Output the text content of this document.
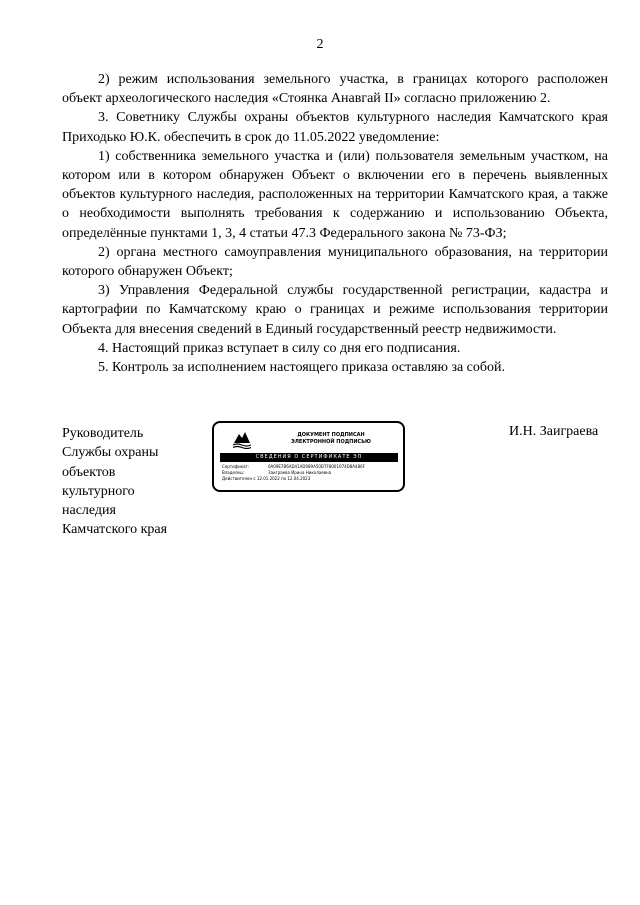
2

2) режим использования земельного участка, в границах которого расположен объект археологического наследия «Стоянка Анавгай II» согласно приложению 2.

3. Советнику Службы охраны объектов культурного наследия Камчатского края Приходько Ю.К. обеспечить в срок до 11.05.2022 уведомление:

1) собственника земельного участка и (или) пользователя земельным участком, на котором или в котором обнаружен Объект о включении его в перечень выявленных объектов культурного наследия, расположенных на территории Камчатского края, а также о необходимости выполнять требования к содержанию и использованию Объекта, определённые пунктами 1, 3, 4 статьи 47.3 Федерального закона № 73-ФЗ;

2) органа местного самоуправления муниципального образования, на территории которого обнаружен Объект;

3) Управления Федеральной службы государственной регистрации, кадастра и картографии по Камчатскому краю о границах и режиме использования территории Объекта для внесения сведений в Единый государственный реестр недвижимости.

4. Настоящий приказ вступает в силу со дня его подписания.

5. Контроль за исполнением настоящего приказа оставляю за собой.

Руководитель
Службы охраны
объектов
культурного
наследия
Камчатского края
ДОКУМЕНТ ПОДПИСАН
ЭЛЕКТРОННОЙ ПОДПИСЬЮ
СВЕДЕНИЯ О СЕРТИФИКАТЕ ЭП
Сертификат:	0A09E7B6AD41AD089A50D7F8001074D8A486F
Владелец:	Заиграева Ирина Николаевна
Действителен с 12.01.2022 по 12.04.2023
И.Н. Заиграева
